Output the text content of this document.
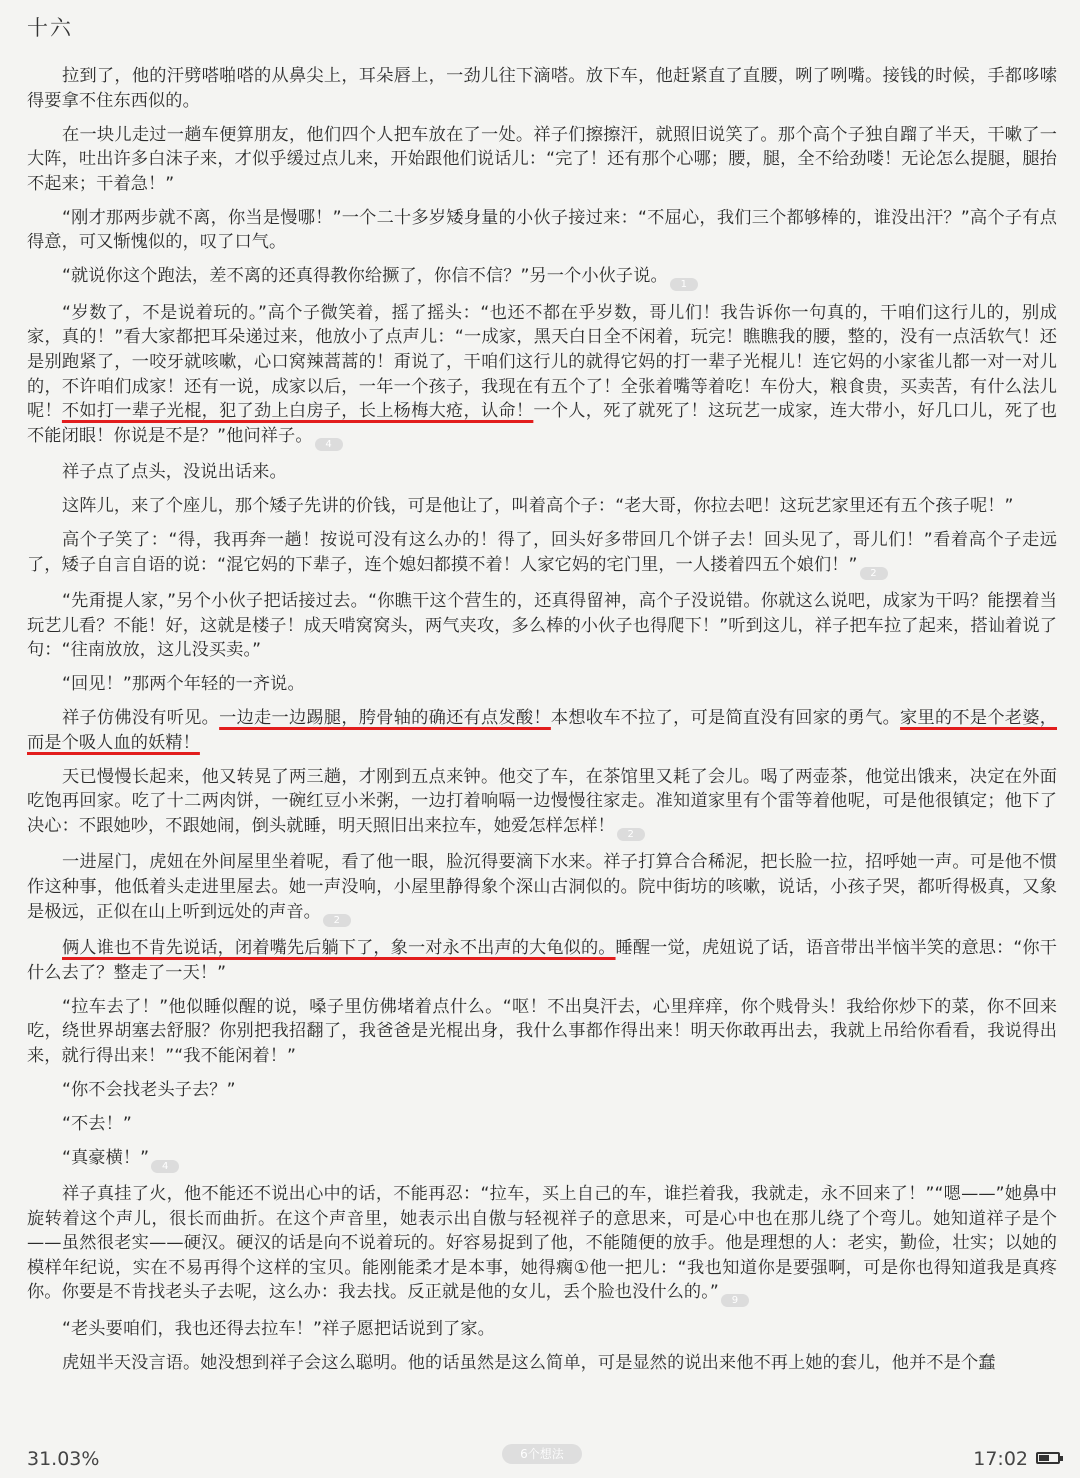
十六

拉到了，他的汗劈嗒啪嗒的从鼻尖上，耳朵唇上，一劲儿往下滴嗒。放下车，他赶紧直了直腰，咧了咧嘴。接钱的时候，手都哆嗦得要拿不住东西似的。

在一块儿走过一趟车便算朋友，他们四个人把车放在了一处。祥子们擦擦汗，就照旧说笑了。那个高个子独自蹓了半天，干嗽了一大阵，吐出许多白沫子来，才似乎缓过点儿来，开始跟他们说话儿：“完了！还有那个心哪；腰，腿，全不给劲喽！无论怎么提腿，腿抬不起来；干着急！”

“刚才那两步就不离，你当是慢哪！”一个二十多岁矮身量的小伙子接过来：“不屈心，我们三个都够棒的，谁没出汗？”高个子有点得意，可又惭愧似的，叹了口气。

“就说你这个跑法，差不离的还真得教你给撅了，你信不信？”另一个小伙子说。 1

“岁数了，不是说着玩的。”高个子微笑着，摇了摇头：“也还不都在乎岁数，哥儿们！我告诉你一句真的，干咱们这行儿的，别成家，真的！”看大家都把耳朵递过来，他放小了点声儿：“一成家，黑天白日全不闲着，玩完！瞧瞧我的腰，整的，没有一点活软气！还是别跑紧了，一咬牙就咳嗽，心口窝辣蒿蒿的！甭说了，干咱们这行儿的就得它妈的打一辈子光棍儿！连它妈的小家雀儿都一对一对儿的，不许咱们成家！还有一说，成家以后，一年一个孩子，我现在有五个了！全张着嘴等着吃！车份大，粮食贵，买卖苦，有什么法儿呢！不如打一辈子光棍，犯了劲上白房子，长上杨梅大疮，认命！一个人，死了就死了！这玩艺一成家，连大带小，好几口儿，死了也不能闭眼！你说是不是？”他问祥子。 4

祥子点了点头，没说出话来。

这阵儿，来了个座儿，那个矮子先讲的价钱，可是他让了，叫着高个子：“老大哥，你拉去吧！这玩艺家里还有五个孩子呢！”

高个子笑了：“得，我再奔一趟！按说可没有这么办的！得了，回头好多带回几个饼子去！回头见了，哥儿们！”看着高个子走远了，矮子自言自语的说：“混它妈的下辈子，连个媳妇都摸不着！人家它妈的宅门里，一人搂着四五个娘们！” 2

“先甭提人家，”另个小伙子把话接过去。“你瞧干这个营生的，还真得留神，高个子没说错。你就这么说吧，成家为干吗？能摆着当玩艺儿看？不能！好，这就是楼子！成天啃窝窝头，两气夹攻，多么棒的小伙子也得爬下！”听到这儿，祥子把车拉了起来，搭讪着说了句：“往南放放，这儿没买卖。”

“回见！”那两个年轻的一齐说。

祥子仿佛没有听见。一边走一边踢腿，胯骨轴的确还有点发酸！本想收车不拉了，可是简直没有回家的勇气。家里的不是个老婆，而是个吸人血的妖精！

天已慢慢长起来，他又转晃了两三趟，才刚到五点来钟。他交了车，在茶馆里又耗了会儿。喝了两壶茶，他觉出饿来，决定在外面吃饱再回家。吃了十二两肉饼，一碗红豆小米粥，一边打着响嗝一边慢慢往家走。准知道家里有个雷等着他呢，可是他很镇定；他下了决心：不跟她吵，不跟她闹，倒头就睡，明天照旧出来拉车，她爱怎样怎样！ 2

一进屋门，虎妞在外间屋里坐着呢，看了他一眼，脸沉得要滴下水来。祥子打算合合稀泥，把长脸一拉，招呼她一声。可是他不惯作这种事，他低着头走进里屋去。她一声没响，小屋里静得象个深山古洞似的。院中街坊的咳嗽，说话，小孩子哭，都听得极真，又象是极远，正似在山上听到远处的声音。 2

俩人谁也不肯先说话，闭着嘴先后躺下了，象一对永不出声的大龟似的。睡醒一觉，虎妞说了话，语音带出半恼半笑的意思：“你干什么去了？整走了一天！”

“拉车去了！”他似睡似醒的说，嗓子里仿佛堵着点什么。“呕！不出臭汗去，心里痒痒，你个贱骨头！我给你炒下的菜，你不回来吃，绕世界胡塞去舒服？你别把我招翻了，我爸爸是光棍出身，我什么事都作得出来！明天你敢再出去，我就上吊给你看看，我说得出来，就行得出来！”“我不能闲着！”

“你不会找老头子去？”

“不去！”

“真豪横！” 4

祥子真挂了火，他不能还不说出心中的话，不能再忍：“拉车，买上自己的车，谁拦着我，我就走，永不回来了！”“嗯——”她鼻中旋转着这个声儿，很长而曲折。在这个声音里，她表示出自傲与轻视祥子的意思来，可是心中也在那儿绕了个弯儿。她知道祥子是个——虽然很老实——硬汉。硬汉的话是向不说着玩的。好容易捉到了他，不能随便的放手。他是理想的人：老实，勤俭，壮实；以她的模样年纪说，实在不易再得个这样的宝贝。能刚能柔才是本事，她得瘸①他一把儿：“我也知道你是要强啊，可是你也得知道我是真疼你。你要是不肯找老头子去呢，这么办：我去找。反正就是他的女儿，丢个脸也没什么的。” 9

“老头要咱们，我也还得去拉车！”祥子愿把话说到了家。

虎妞半天没言语。她没想到祥子会这么聪明。他的话虽然是这么简单，可是显然的说出来他不再上她的套儿，他并不是个蠢

31.03%	6个想法	17:02
